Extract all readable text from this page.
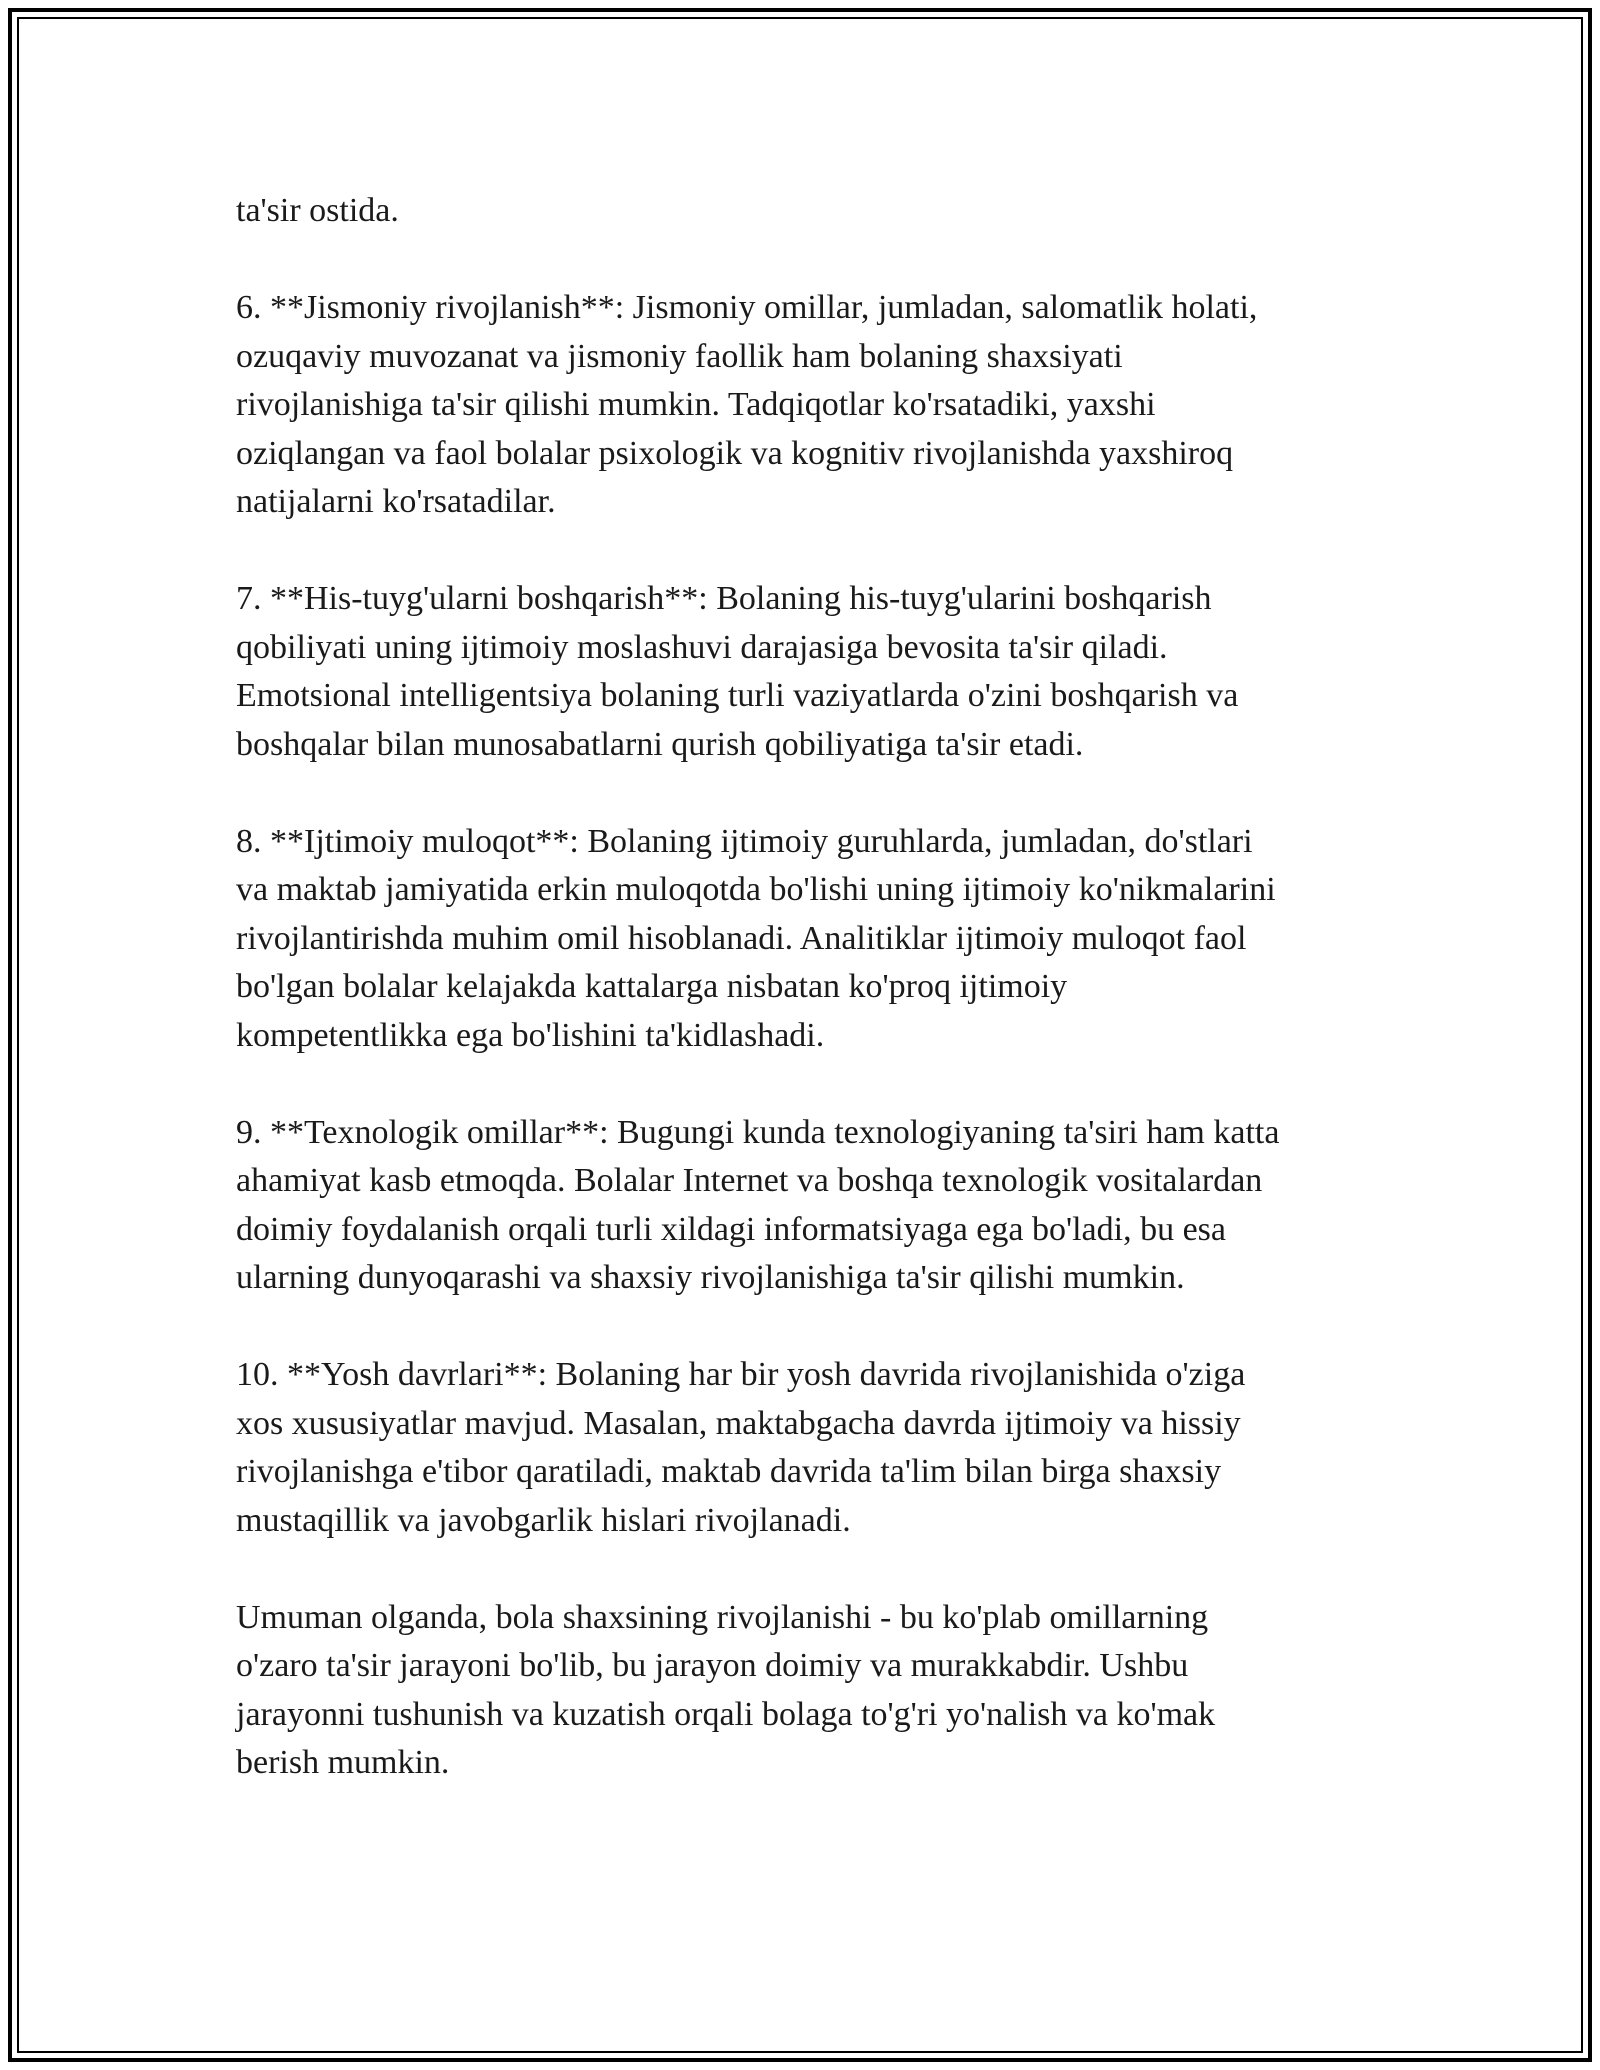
ta'sir ostida.

6. **Jismoniy rivojlanish**: Jismoniy omillar, jumladan, salomatlik holati,
ozuqaviy muvozanat va jismoniy faollik ham bolaning shaxsiyati
rivojlanishiga ta'sir qilishi mumkin. Tadqiqotlar ko'rsatadiki, yaxshi
oziqlangan va faol bolalar psixologik va kognitiv rivojlanishda yaxshiroq
natijalarni ko'rsatadilar.

7. **His-tuyg'ularni boshqarish**: Bolaning his-tuyg'ularini boshqarish
qobiliyati uning ijtimoiy moslashuvi darajasiga bevosita ta'sir qiladi.
Emotsional intelligentsiya bolaning turli vaziyatlarda o'zini boshqarish va
boshqalar bilan munosabatlarni qurish qobiliyatiga ta'sir etadi.

8. **Ijtimoiy muloqot**: Bolaning ijtimoiy guruhlarda, jumladan, do'stlari
va maktab jamiyatida erkin muloqotda bo'lishi uning ijtimoiy ko'nikmalarini
rivojlantirishda muhim omil hisoblanadi. Analitiklar ijtimoiy muloqot faol
bo'lgan bolalar kelajakda kattalarga nisbatan ko'proq ijtimoiy
kompetentlikka ega bo'lishini ta'kidlashadi.

9. **Texnologik omillar**: Bugungi kunda texnologiyaning ta'siri ham katta
ahamiyat kasb etmoqda. Bolalar Internet va boshqa texnologik vositalardan
doimiy foydalanish orqali turli xildagi informatsiyaga ega bo'ladi, bu esa
ularning dunyoqarashi va shaxsiy rivojlanishiga ta'sir qilishi mumkin.

10. **Yosh davrlari**: Bolaning har bir yosh davrida rivojlanishida o'ziga
xos xususiyatlar mavjud. Masalan, maktabgacha davrda ijtimoiy va hissiy
rivojlanishga e'tibor qaratiladi, maktab davrida ta'lim bilan birga shaxsiy
mustaqillik va javobgarlik hislari rivojlanadi.

Umuman olganda, bola shaxsining rivojlanishi - bu ko'plab omillarning
o'zaro ta'sir jarayoni bo'lib, bu jarayon doimiy va murakkabdir. Ushbu
jarayonni tushunish va kuzatish orqali bolaga to'g'ri yo'nalish va ko'mak
berish mumkin.
